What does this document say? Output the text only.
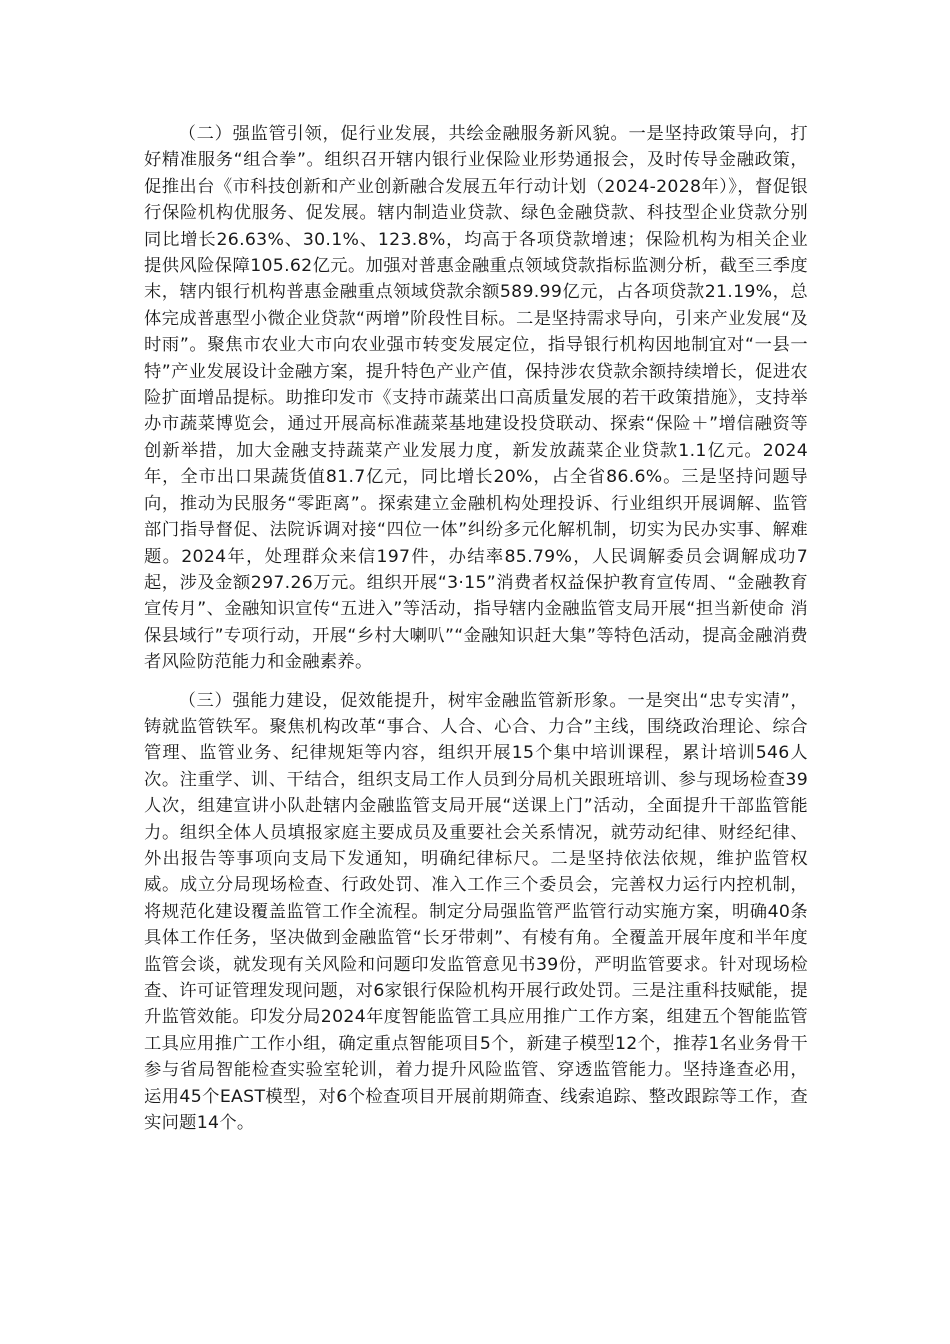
（二）强监管引领，促行业发展，共绘金融服务新风貌。一是坚持政策导向，打好精准服务“组合拳”。组织召开辖内银行业保险业形势通报会，及时传导金融政策，促推出台《市科技创新和产业创新融合发展五年行动计划（2024-2028年）》，督促银行保险机构优服务、促发展。辖内制造业贷款、绿色金融贷款、科技型企业贷款分别同比增长26.63%、30.1%、123.8%，均高于各项贷款增速；保险机构为相关企业提供风险保障105.62亿元。加强对普惠金融重点领域贷款指标监测分析，截至三季度末，辖内银行机构普惠金融重点领域贷款余额589.99亿元，占各项贷款21.19%，总体完成普惠型小微企业贷款“两增”阶段性目标。二是坚持需求导向，引来产业发展“及时雨”。聚焦市农业大市向农业强市转变发展定位，指导银行机构因地制宜对“一县一特”产业发展设计金融方案，提升特色产业产值，保持涉农贷款余额持续增长，促进农险扩面增品提标。助推印发市《支持市蔬菜出口高质量发展的若干政策措施》，支持举办市蔬菜博览会，通过开展高标准蔬菜基地建设投贷联动、探索“保险＋”增信融资等创新举措，加大金融支持蔬菜产业发展力度，新发放蔬菜企业贷款1.1亿元。2024年，全市出口果蔬货值81.7亿元，同比增长20%，占全省86.6%。三是坚持问题导向，推动为民服务“零距离”。探索建立金融机构处理投诉、行业组织开展调解、监管部门指导督促、法院诉调对接“四位一体”纠纷多元化解机制，切实为民办实事、解难题。2024年，处理群众来信197件，办结率85.79%，人民调解委员会调解成功7起，涉及金额297.26万元。组织开展“3·15”消费者权益保护教育宣传周、“金融教育宣传月”、金融知识宣传“五进入”等活动，指导辖内金融监管支局开展“担当新使命 消保县域行”专项行动，开展“乡村大喇叭”“金融知识赶大集”等特色活动，提高金融消费者风险防范能力和金融素养。

（三）强能力建设，促效能提升，树牢金融监管新形象。一是突出“忠专实清”，铸就监管铁军。聚焦机构改革“事合、人合、心合、力合”主线，围绕政治理论、综合管理、监管业务、纪律规矩等内容，组织开展15个集中培训课程，累计培训546人次。注重学、训、干结合，组织支局工作人员到分局机关跟班培训、参与现场检查39人次，组建宣讲小队赴辖内金融监管支局开展“送课上门”活动，全面提升干部监管能力。组织全体人员填报家庭主要成员及重要社会关系情况，就劳动纪律、财经纪律、外出报告等事项向支局下发通知，明确纪律标尺。二是坚持依法依规，维护监管权威。成立分局现场检查、行政处罚、准入工作三个委员会，完善权力运行内控机制，将规范化建设覆盖监管工作全流程。制定分局强监管严监管行动实施方案，明确40条具体工作任务，坚决做到金融监管“长牙带刺”、有棱有角。全覆盖开展年度和半年度监管会谈，就发现有关风险和问题印发监管意见书39份，严明监管要求。针对现场检查、许可证管理发现问题，对6家银行保险机构开展行政处罚。三是注重科技赋能，提升监管效能。印发分局2024年度智能监管工具应用推广工作方案，组建五个智能监管工具应用推广工作小组，确定重点智能项目5个，新建子模型12个，推荐1名业务骨干参与省局智能检查实验室轮训，着力提升风险监管、穿透监管能力。坚持逢查必用，运用45个EAST模型，对6个检查项目开展前期筛查、线索追踪、整改跟踪等工作，查实问题14个。
